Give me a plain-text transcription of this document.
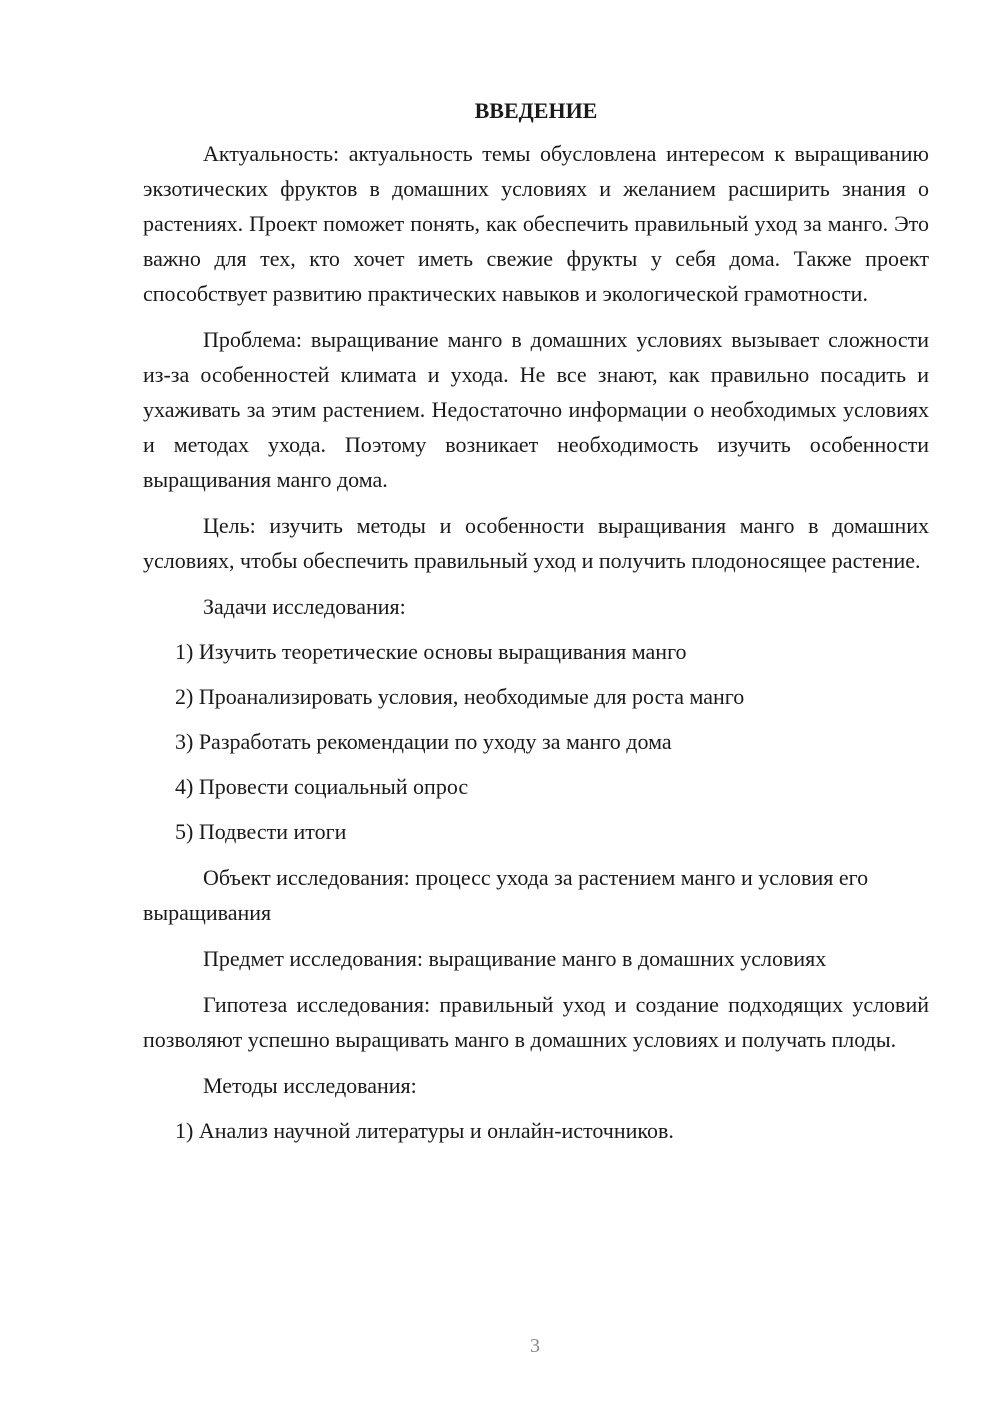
ВВЕДЕНИЕ

Актуальность: актуальность темы обусловлена интересом к выращиванию экзотических фруктов в домашних условиях и желанием расширить знания о растениях. Проект поможет понять, как обеспечить правильный уход за манго. Это важно для тех, кто хочет иметь свежие фрукты у себя дома. Также проект способствует развитию практических навыков и экологической грамотности.

Проблема: выращивание манго в домашних условиях вызывает сложности из-за особенностей климата и ухода. Не все знают, как правильно посадить и ухаживать за этим растением. Недостаточно информации о необходимых условиях и методах ухода. Поэтому возникает необходимость изучить особенности выращивания манго дома.

Цель: изучить методы и особенности выращивания манго в домашних условиях, чтобы обеспечить правильный уход и получить плодоносящее растение.

Задачи исследования:

1) Изучить теоретические основы выращивания манго
2) Проанализировать условия, необходимые для роста манго
3) Разработать рекомендации по уходу за манго дома
4) Провести социальный опрос
5) Подвести итоги

Объект исследования: процесс ухода за растением манго и условия его выращивания

Предмет исследования: выращивание манго в домашних условиях

Гипотеза исследования: правильный уход и создание подходящих условий позволяют успешно выращивать манго в домашних условиях и получать плоды.

Методы исследования:

1) Анализ научной литературы и онлайн-источников.
3
